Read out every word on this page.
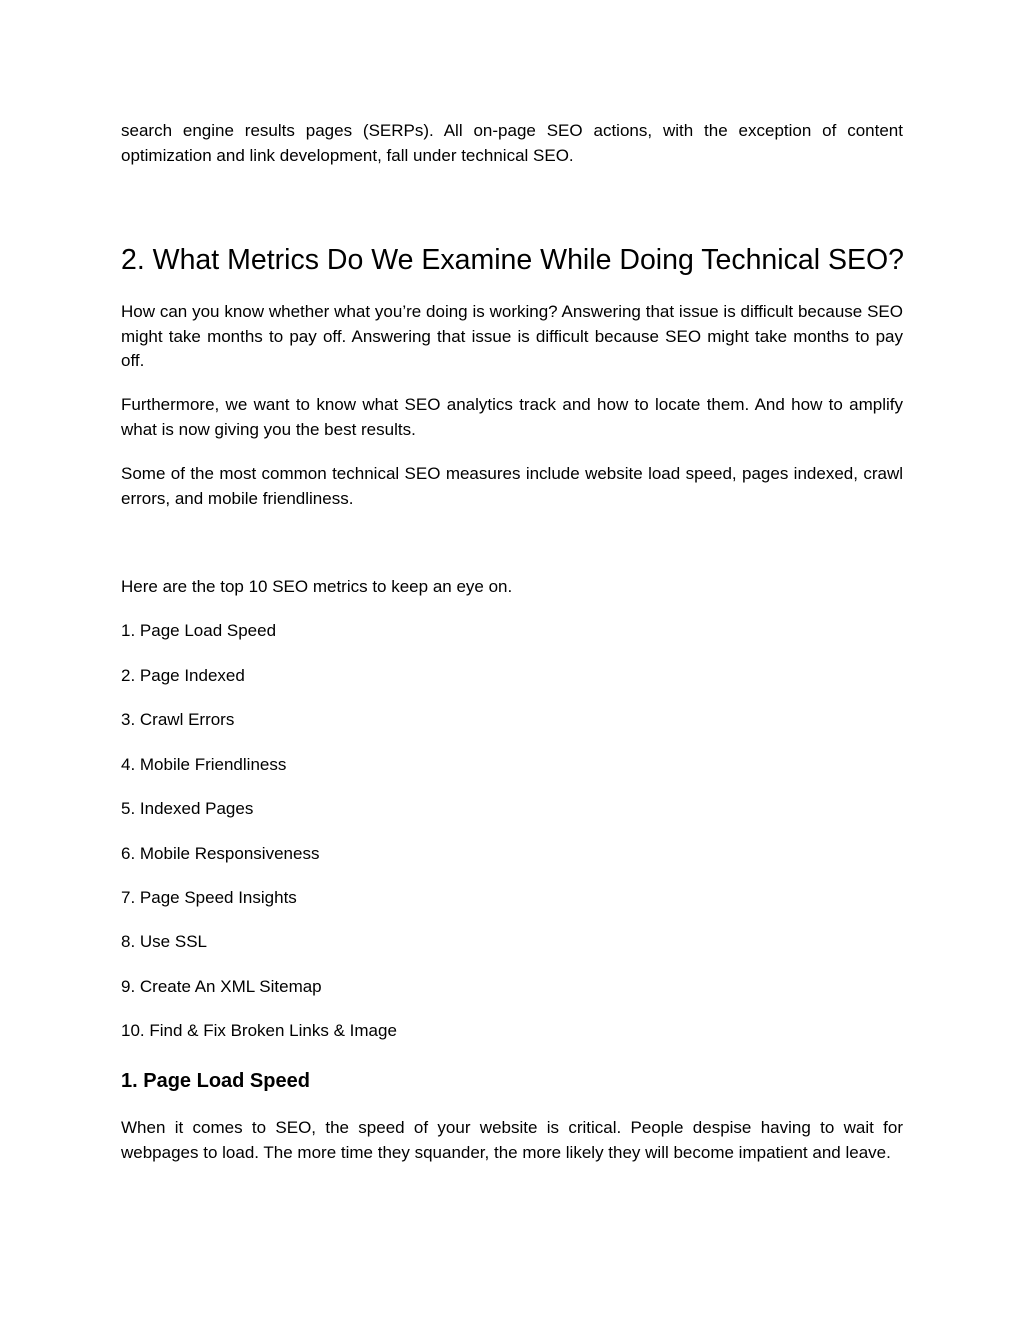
search engine results pages (SERPs). All on-page SEO actions, with the exception of content optimization and link development, fall under technical SEO.

2. What Metrics Do We Examine While Doing Technical SEO?

How can you know whether what you’re doing is working? Answering that issue is difficult because SEO might take months to pay off. Answering that issue is difficult because SEO might take months to pay off.

Furthermore, we want to know what SEO analytics track and how to locate them. And how to amplify what is now giving you the best results.

Some of the most common technical SEO measures include website load speed, pages indexed, crawl errors, and mobile friendliness.

Here are the top 10 SEO metrics to keep an eye on.

1. Page Load Speed

2. Page Indexed

3. Crawl Errors

4. Mobile Friendliness

5. Indexed Pages

6. Mobile Responsiveness

7. Page Speed Insights

8. Use SSL

9. Create An XML Sitemap

10. Find & Fix Broken Links & Image

1. Page Load Speed

When it comes to SEO, the speed of your website is critical. People despise having to wait for webpages to load. The more time they squander, the more likely they will become impatient and leave.
